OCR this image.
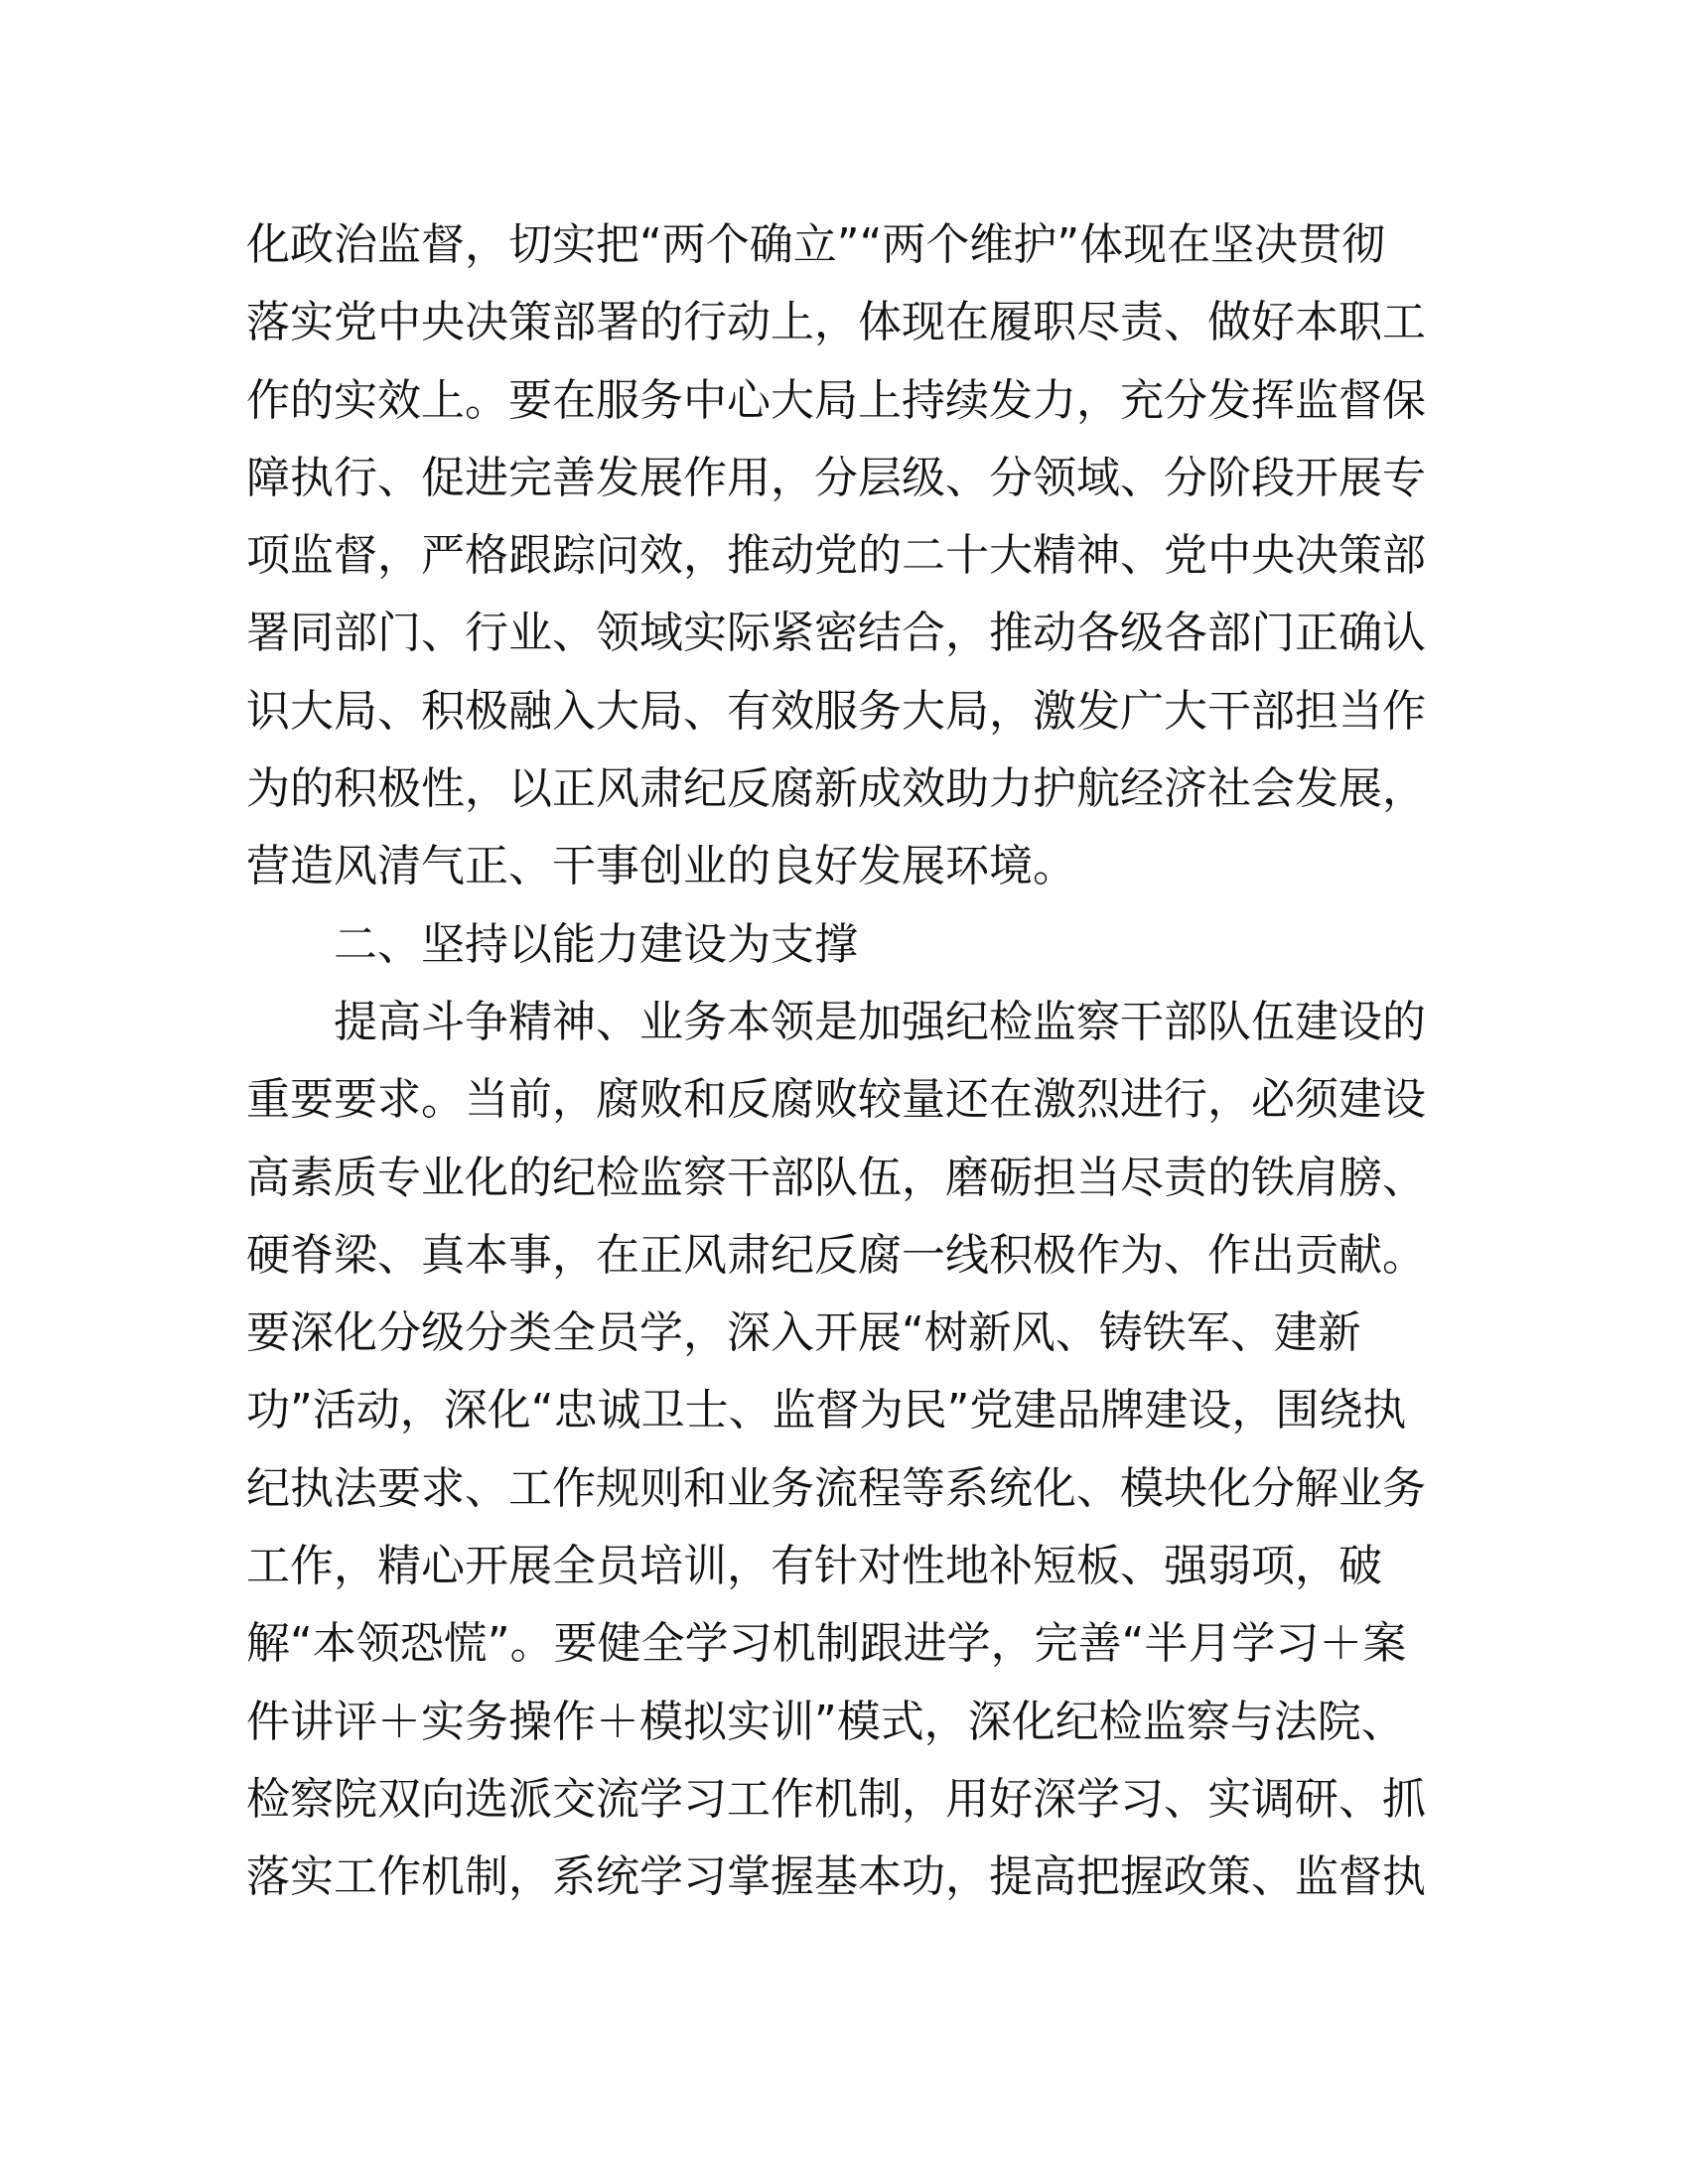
化政治监督，切实把“两个确立”“两个维护”体现在坚决贯彻
落实党中央决策部署的行动上，体现在履职尽责、做好本职工
作的实效上。要在服务中心大局上持续发力，充分发挥监督保
障执行、促进完善发展作用，分层级、分领域、分阶段开展专
项监督，严格跟踪问效，推动党的二十大精神、党中央决策部
署同部门、行业、领域实际紧密结合，推动各级各部门正确认
识大局、积极融入大局、有效服务大局，激发广大干部担当作
为的积极性，以正风肃纪反腐新成效助力护航经济社会发展，
营造风清气正、干事创业的良好发展环境。
二、坚持以能力建设为支撑
提高斗争精神、业务本领是加强纪检监察干部队伍建设的
重要要求。当前，腐败和反腐败较量还在激烈进行，必须建设
高素质专业化的纪检监察干部队伍，磨砺担当尽责的铁肩膀、
硬脊梁、真本事，在正风肃纪反腐一线积极作为、作出贡献。
要深化分级分类全员学，深入开展“树新风、铸铁军、建新
功”活动，深化“忠诚卫士、监督为民”党建品牌建设，围绕执
纪执法要求、工作规则和业务流程等系统化、模块化分解业务
工作，精心开展全员培训，有针对性地补短板、强弱项，破
解“本领恐慌”。要健全学习机制跟进学，完善“半月学习＋案
件讲评＋实务操作＋模拟实训”模式，深化纪检监察与法院、
检察院双向选派交流学习工作机制，用好深学习、实调研、抓
落实工作机制，系统学习掌握基本功，提高把握政策、监督执
